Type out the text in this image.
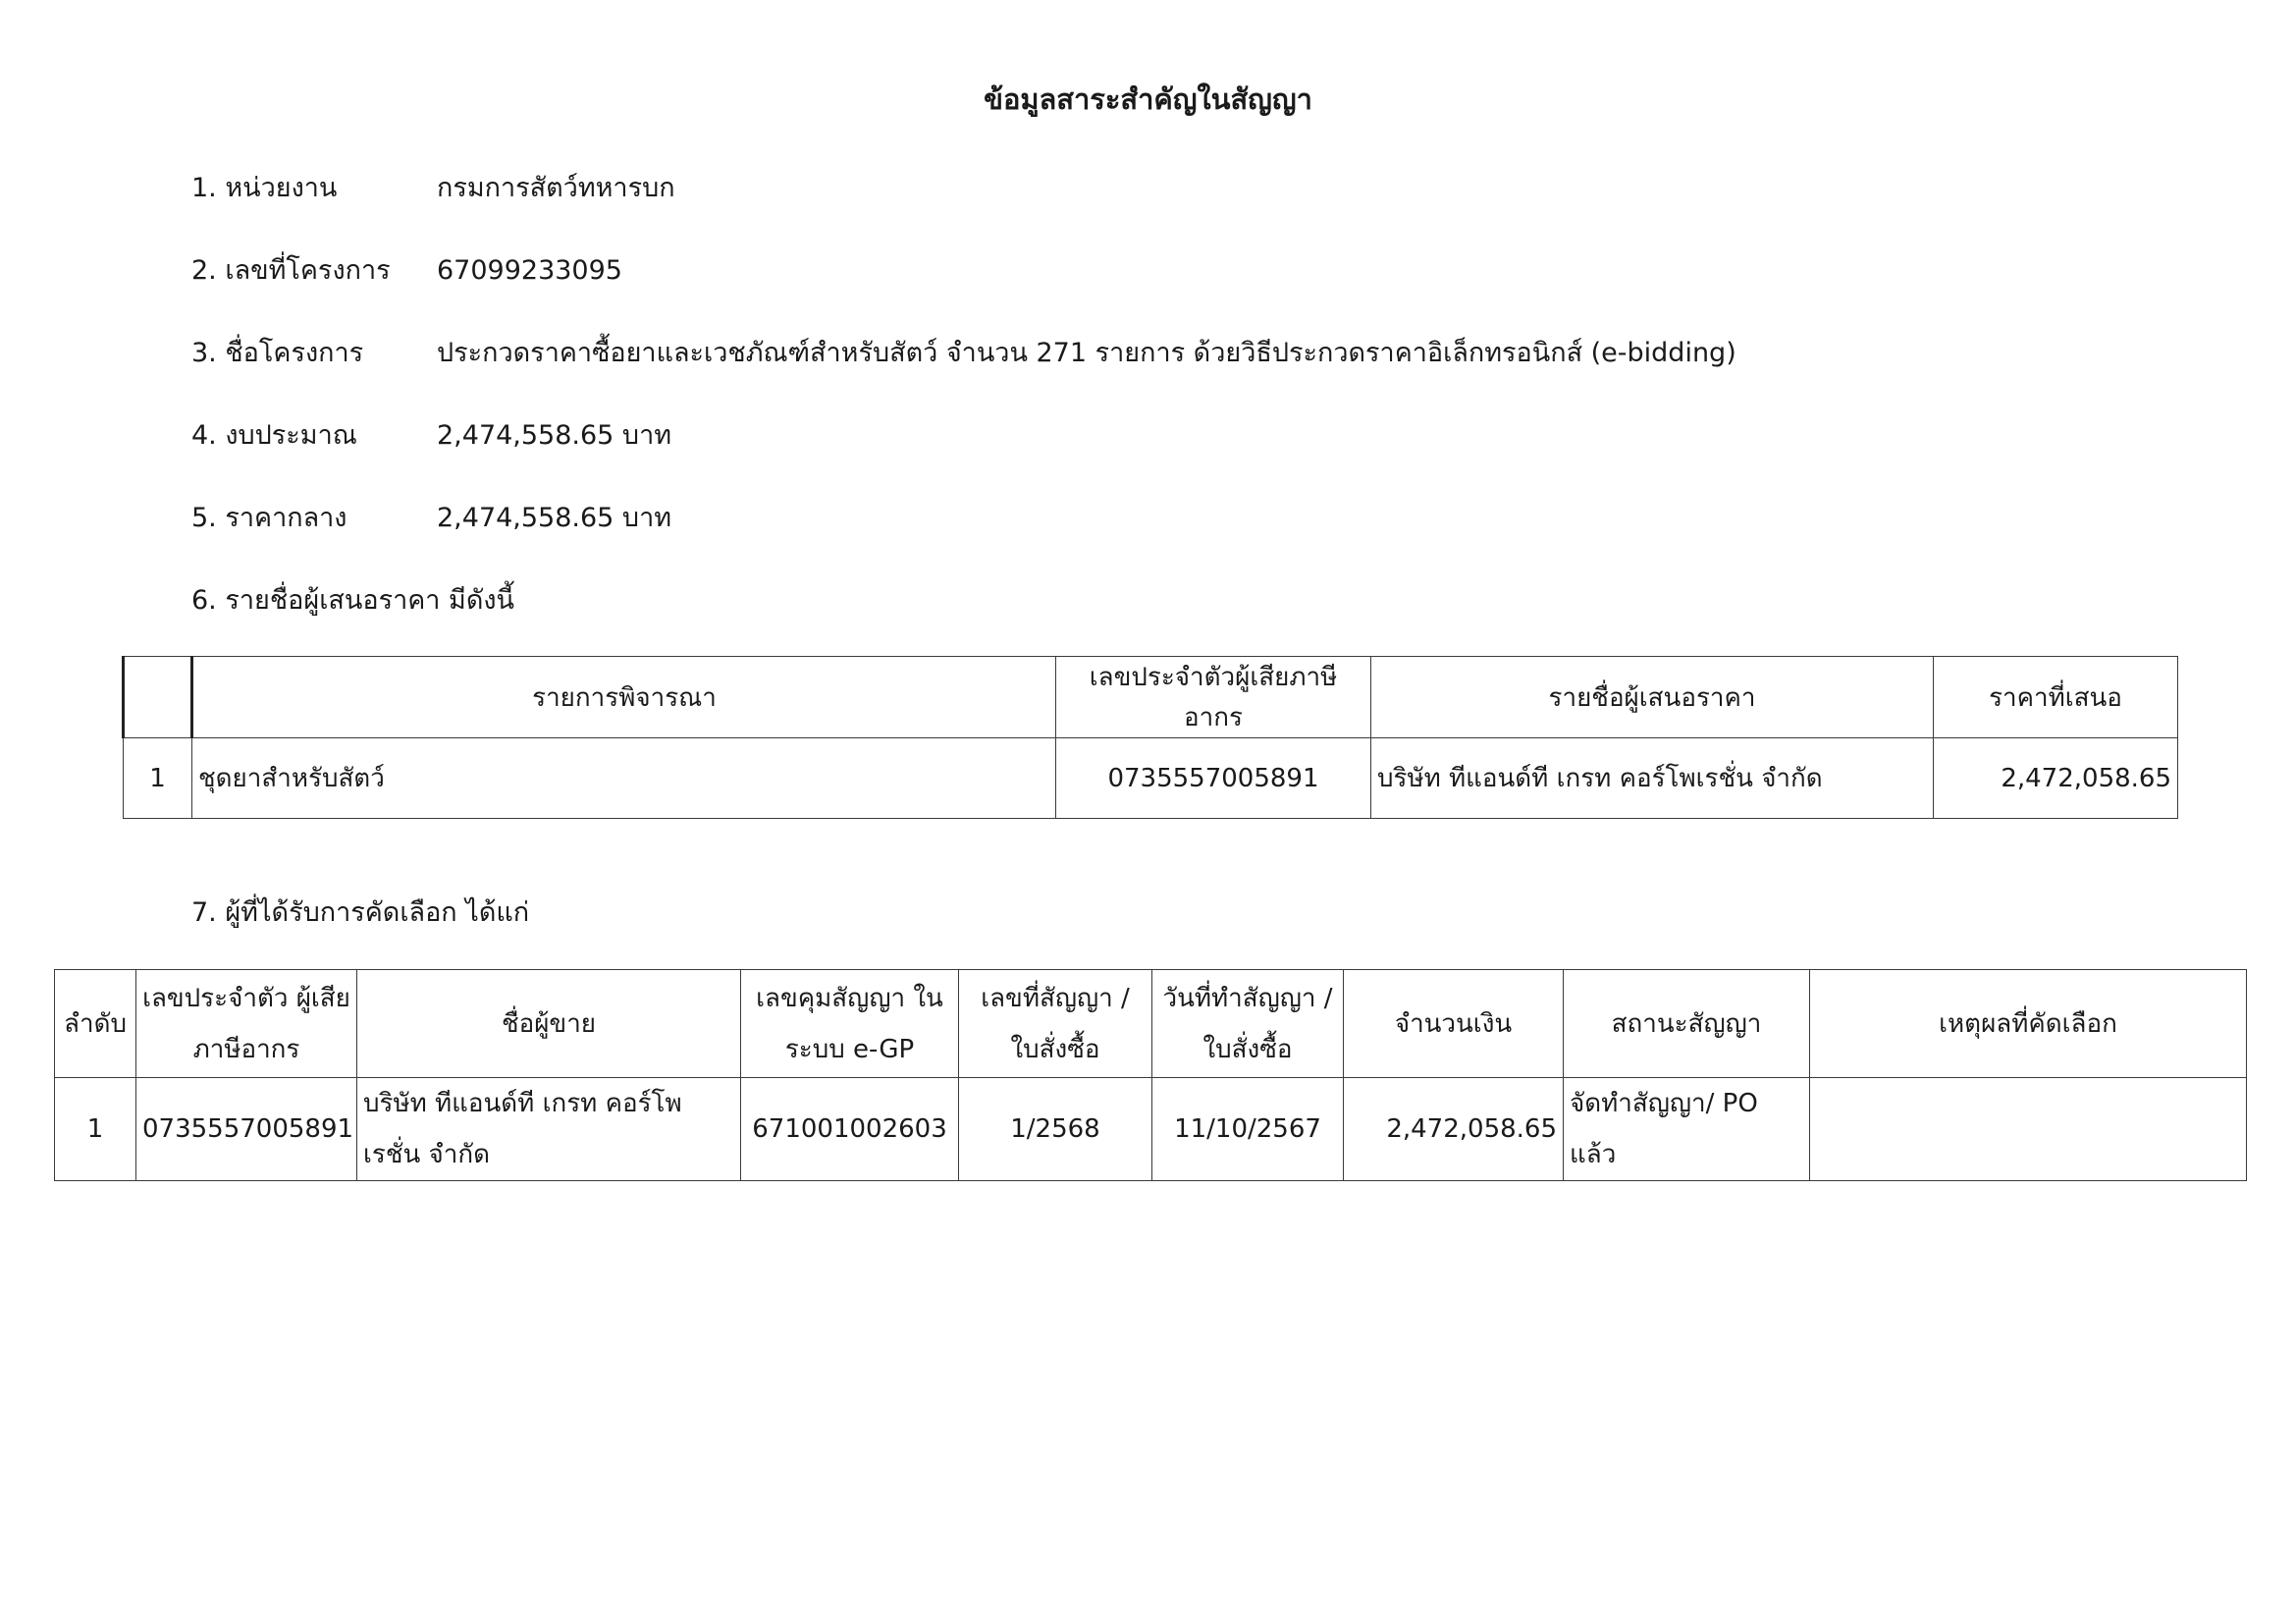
ข้อมูลสาระสำคัญในสัญญา
1. หน่วยงาน	กรมการสัตว์ทหารบก
2. เลขที่โครงการ 67099233095
3. ชื่อโครงการ	ประกวดราคาซื้อยาและเวชภัณฑ์สำหรับสัตว์ จำนวน 271 รายการ ด้วยวิธีประกวดราคาอิเล็กทรอนิกส์ (e-bidding)
4. งบประมาณ	2,474,558.65 บาท
5. ราคากลาง	2,474,558.65 บาท
6. รายชื่อผู้เสนอราคา มีดังนี้
	รายการพิจารณา	เลขประจำตัวผู้เสียภาษีอากร	รายชื่อผู้เสนอราคา	ราคาที่เสนอ
1	ชุดยาสำหรับสัตว์	0735557005891	บริษัท ทีแอนด์ที เกรท คอร์โพเรชั่น จำกัด	2,472,058.65
7. ผู้ที่ได้รับการคัดเลือก ได้แก่
ลำดับ	เลขประจำตัว ผู้เสียภาษีอากร	ชื่อผู้ขาย	เลขคุมสัญญา ในระบบ e-GP	เลขที่สัญญา / ใบสั่งซื้อ	วันที่ทำสัญญา / ใบสั่งซื้อ	จำนวนเงิน	สถานะสัญญา	เหตุผลที่คัดเลือก
1	0735557005891	บริษัท ทีแอนด์ที เกรท คอร์โพเรชั่น จำกัด	671001002603	1/2568	11/10/2567	2,472,058.65	จัดทำสัญญา/ PO แล้ว	
